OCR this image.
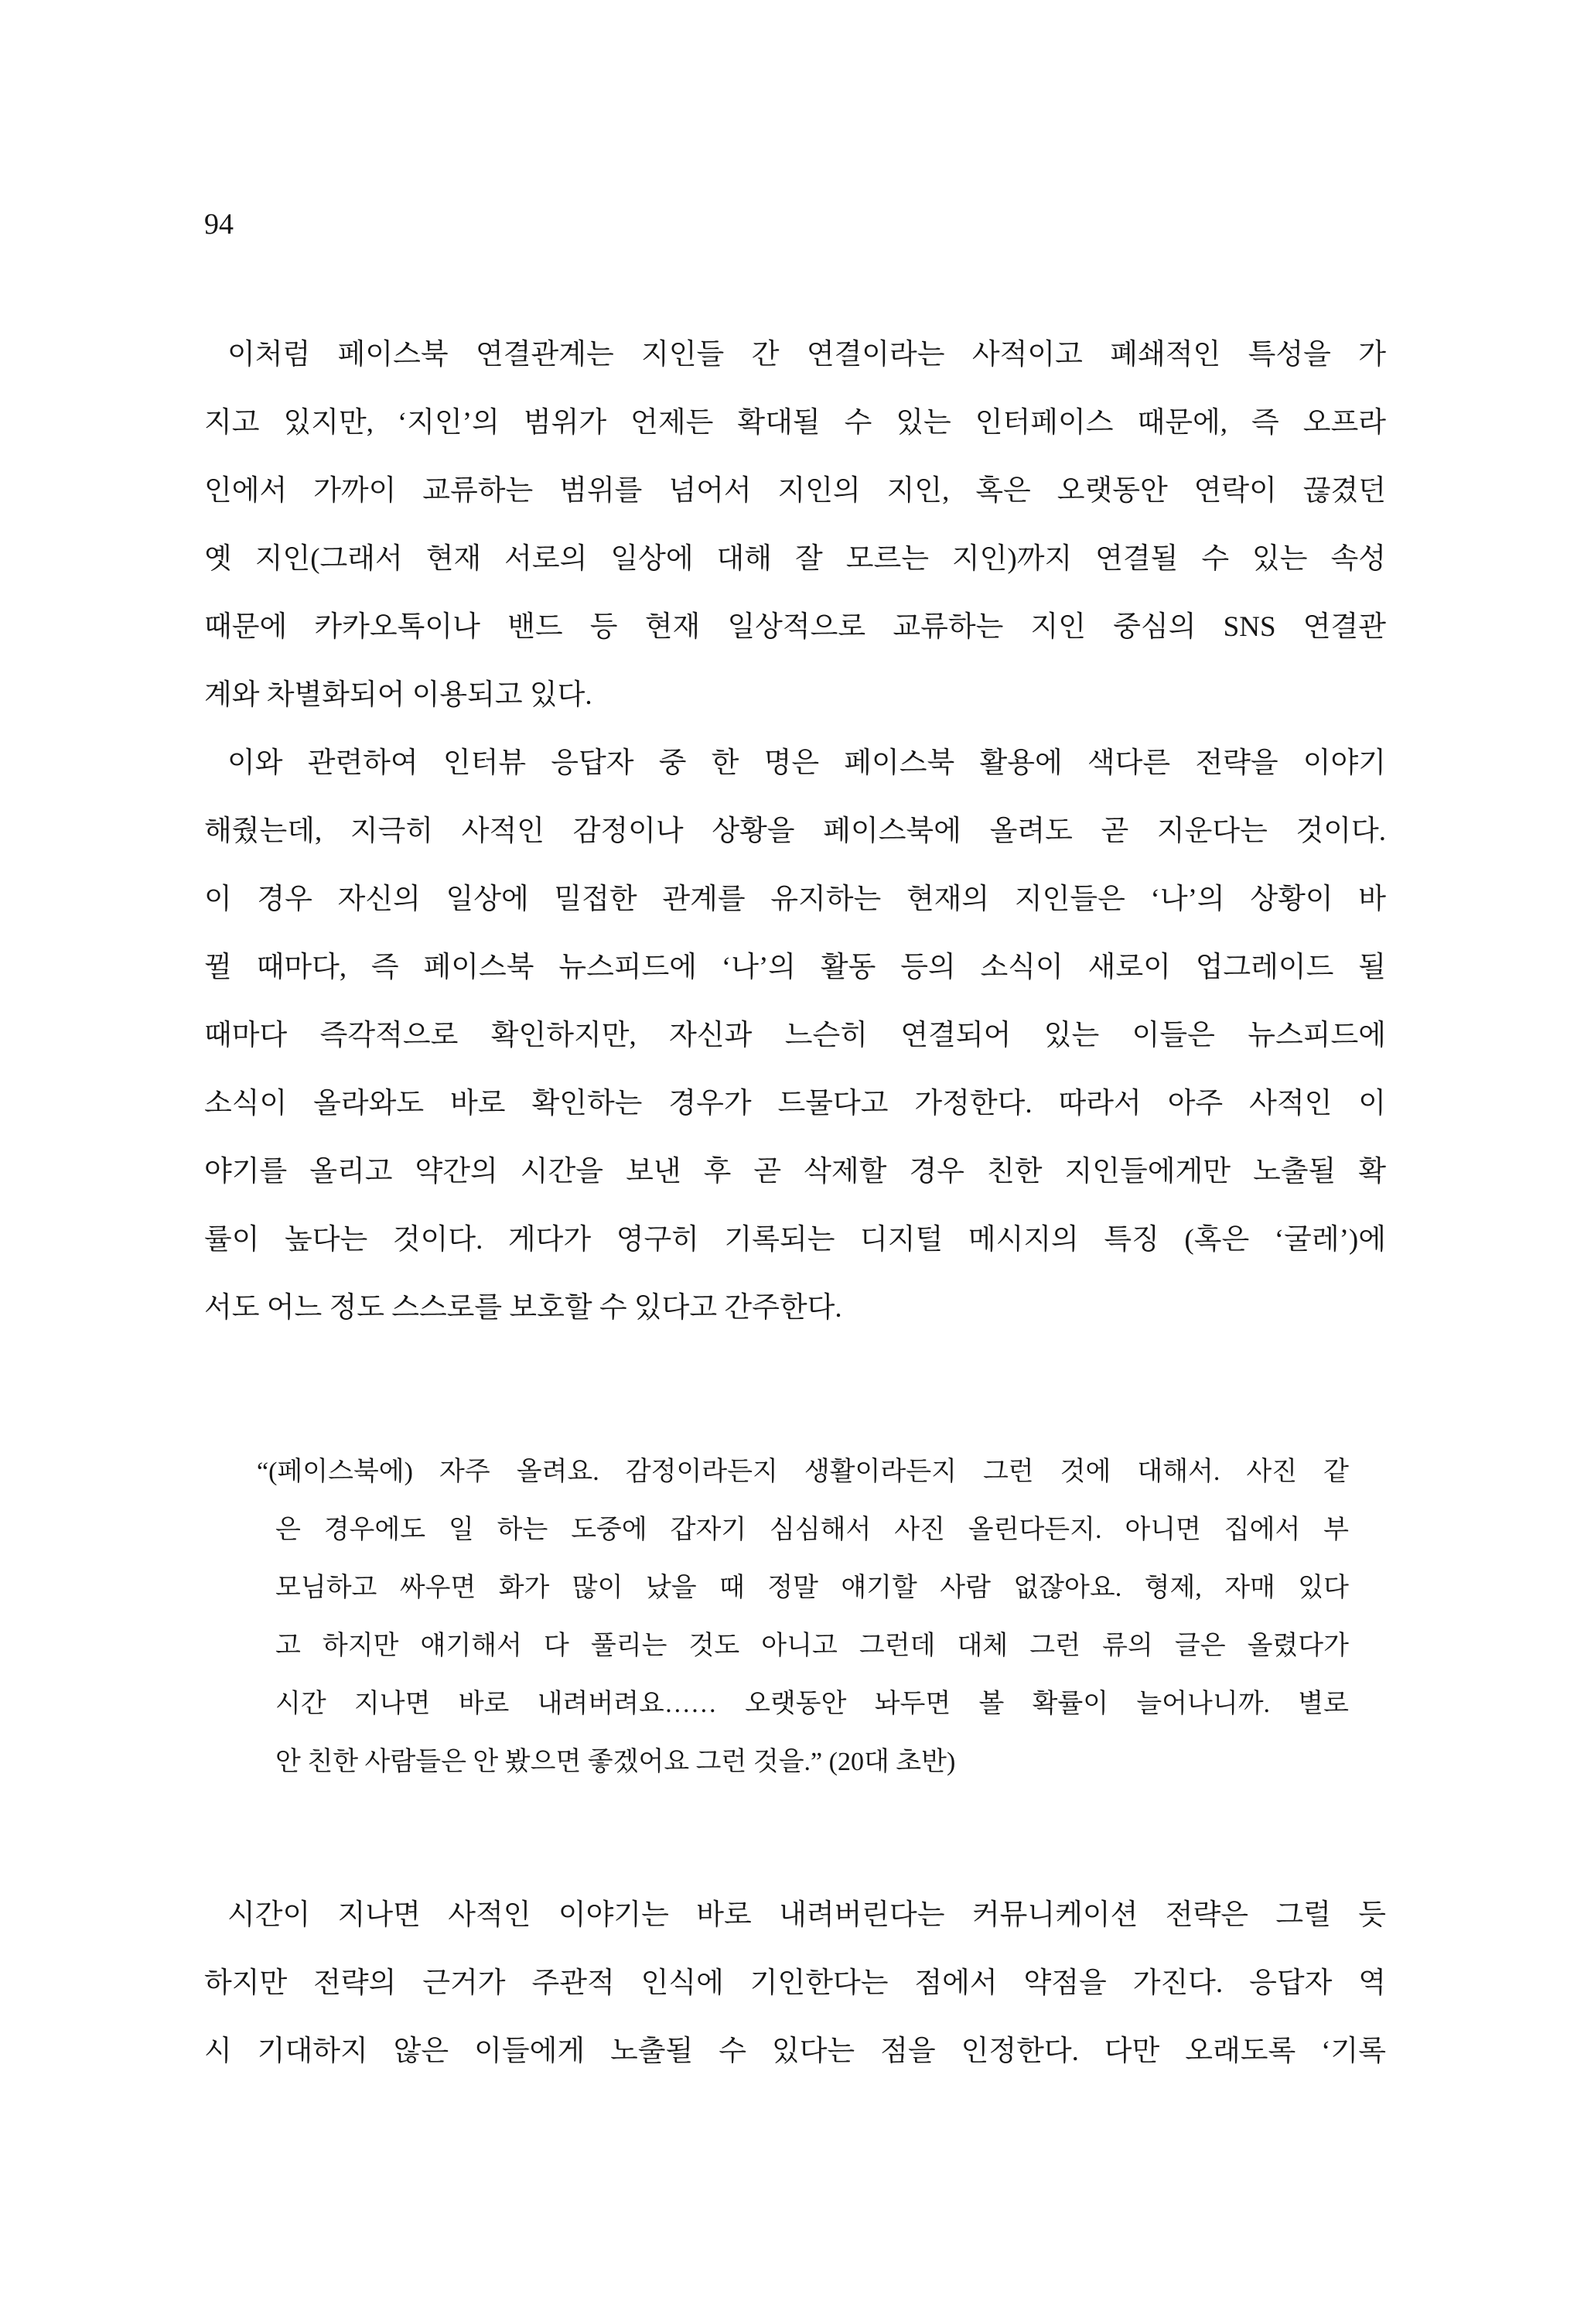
94
이처럼 페이스북 연결관계는 지인들 간 연결이라는 사적이고 폐쇄적인 특성을 가
지고 있지만, ‘지인’의 범위가 언제든 확대될 수 있는 인터페이스 때문에, 즉 오프라
인에서 가까이 교류하는 범위를 넘어서 지인의 지인, 혹은 오랫동안 연락이 끊겼던
옛 지인(그래서 현재 서로의 일상에 대해 잘 모르는 지인)까지 연결될 수 있는 속성
때문에 카카오톡이나 밴드 등 현재 일상적으로 교류하는 지인 중심의 SNS 연결관
계와 차별화되어 이용되고 있다.
이와 관련하여 인터뷰 응답자 중 한 명은 페이스북 활용에 색다른 전략을 이야기
해줬는데, 지극히 사적인 감정이나 상황을 페이스북에 올려도 곧 지운다는 것이다.
이 경우 자신의 일상에 밀접한 관계를 유지하는 현재의 지인들은 ‘나’의 상황이 바
뀔 때마다, 즉 페이스북 뉴스피드에 ‘나’의 활동 등의 소식이 새로이 업그레이드 될
때마다 즉각적으로 확인하지만, 자신과 느슨히 연결되어 있는 이들은 뉴스피드에
소식이 올라와도 바로 확인하는 경우가 드물다고 가정한다. 따라서 아주 사적인 이
야기를 올리고 약간의 시간을 보낸 후 곧 삭제할 경우 친한 지인들에게만 노출될 확
률이 높다는 것이다. 게다가 영구히 기록되는 디지털 메시지의 특징 (혹은 ‘굴레’)에
서도 어느 정도 스스로를 보호할 수 있다고 간주한다.
“(페이스북에) 자주 올려요. 감정이라든지 생활이라든지 그런 것에 대해서. 사진 같
은 경우에도 일 하는 도중에 갑자기 심심해서 사진 올린다든지. 아니면 집에서 부
모님하고 싸우면 화가 많이 났을 때 정말 얘기할 사람 없잖아요. 형제, 자매 있다
고 하지만 얘기해서 다 풀리는 것도 아니고 그런데 대체 그런 류의 글은 올렸다가
시간 지나면 바로 내려버려요…… 오랫동안 놔두면 볼 확률이 늘어나니까. 별로
안 친한 사람들은 안 봤으면 좋겠어요 그런 것을.” (20대 초반)
시간이 지나면 사적인 이야기는 바로 내려버린다는 커뮤니케이션 전략은 그럴 듯
하지만 전략의 근거가 주관적 인식에 기인한다는 점에서 약점을 가진다. 응답자 역
시 기대하지 않은 이들에게 노출될 수 있다는 점을 인정한다. 다만 오래도록 ‘기록
